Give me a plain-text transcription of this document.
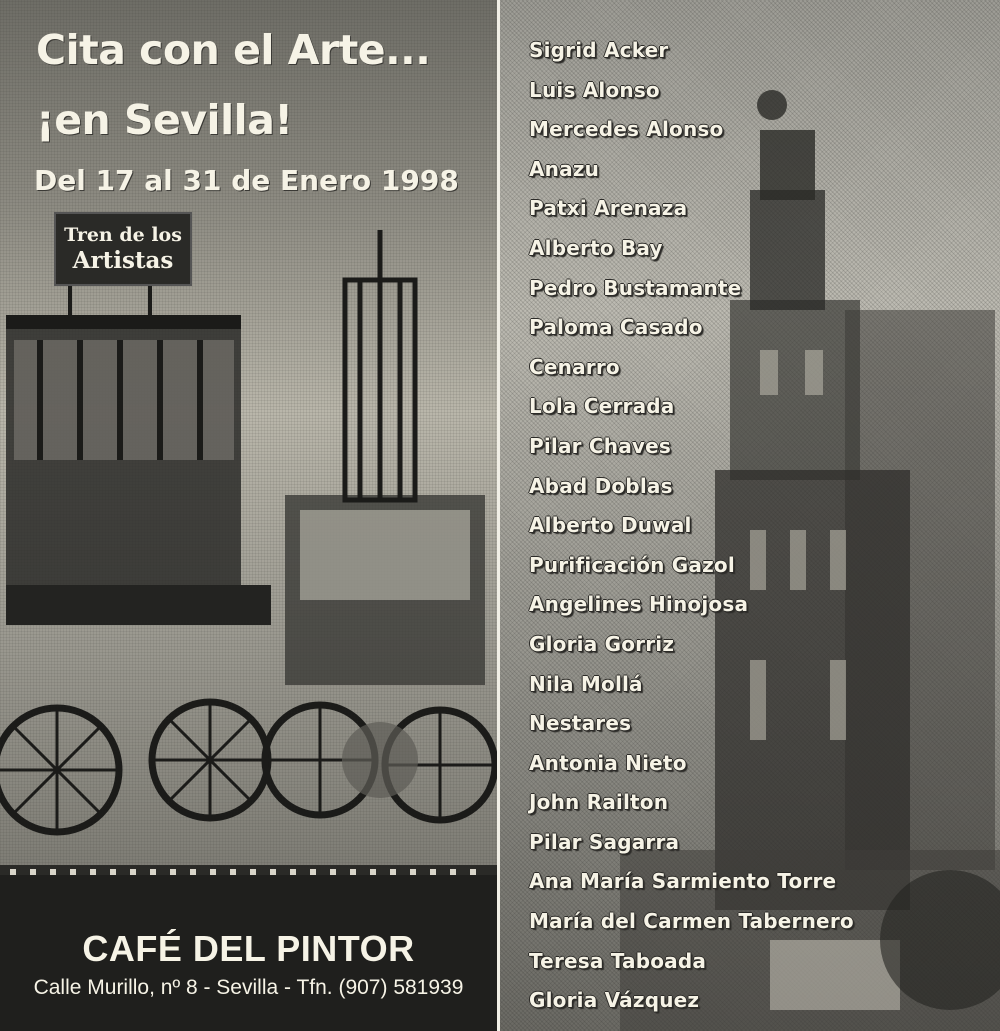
Cita con el Arte...
¡en Sevilla!
Del 17 al 31 de Enero 1998
Tren de los
Artistas
CAFÉ DEL PINTOR
Calle Murillo, nº 8 - Sevilla - Tfn. (907) 581939
Sigrid Acker
Luis Alonso
Mercedes Alonso
Anazu
Patxi Arenaza
Alberto Bay
Pedro Bustamante
Paloma Casado
Cenarro
Lola Cerrada
Pilar Chaves
Abad Doblas
Alberto Duwal
Purificación Gazol
Angelines Hinojosa
Gloria Gorriz
Nila Mollá
Nestares
Antonia Nieto
John Railton
Pilar Sagarra
Ana María Sarmiento Torre
María del Carmen Tabernero
Teresa Taboada
Gloria Vázquez
